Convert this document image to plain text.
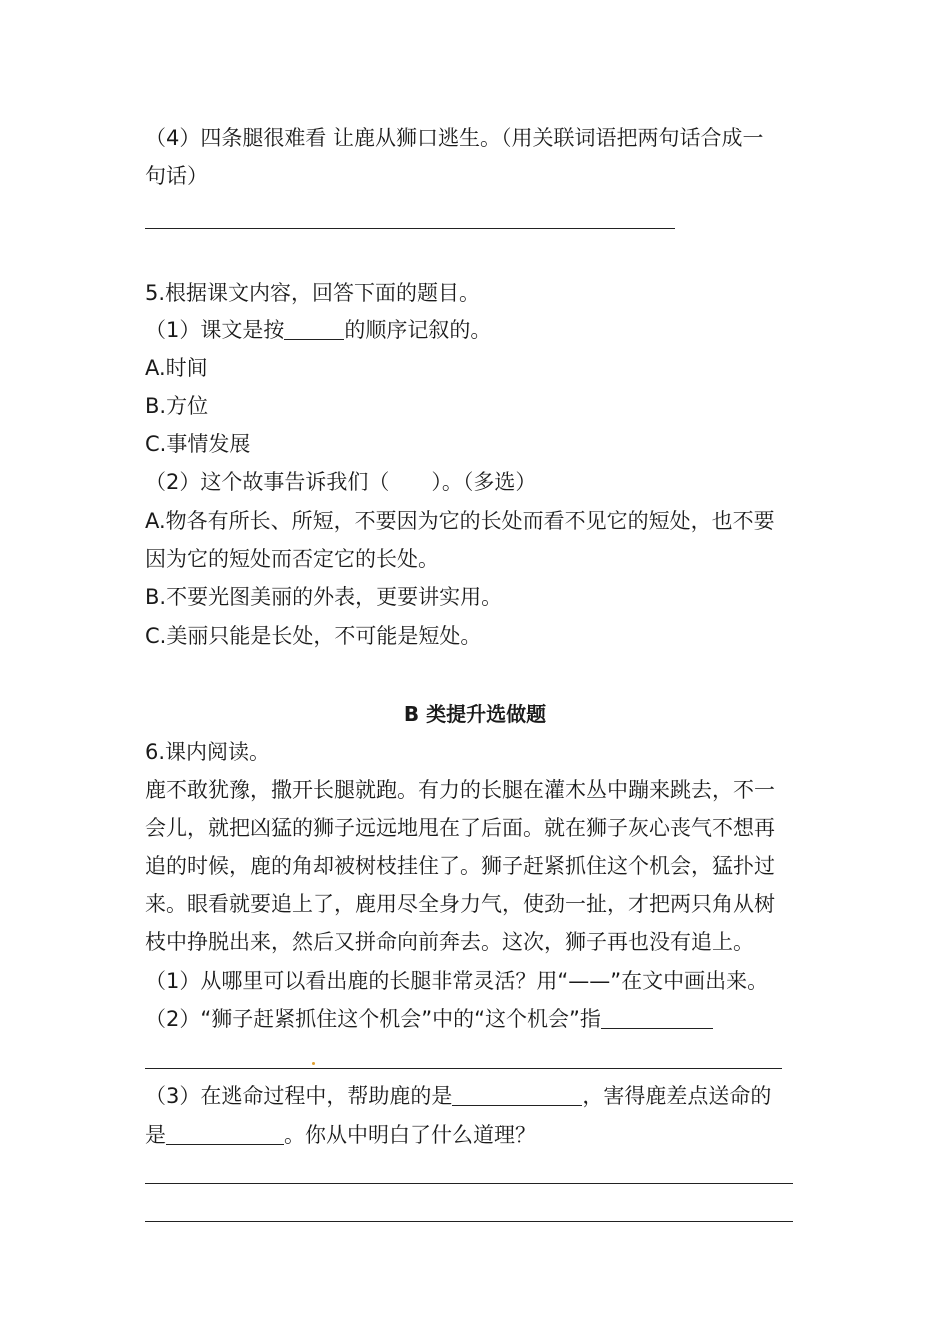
（4）四条腿很难看 让鹿从狮口逃生。（用关联词语把两句话合成一
句话）
5.根据课文内容，回答下面的题目。
（1）课文是按	的顺序记叙的。
A.时间
B.方位
C.事情发展
（2）这个故事告诉我们（　　）。（多选）
A.物各有所长、所短，不要因为它的长处而看不见它的短处，也不要
因为它的短处而否定它的长处。
B.不要光图美丽的外表，更要讲实用。
C.美丽只能是长处，不可能是短处。
B 类提升选做题
6.课内阅读。
鹿不敢犹豫，撒开长腿就跑。有力的长腿在灌木丛中蹦来跳去，不一
会儿，就把凶猛的狮子远远地甩在了后面。就在狮子灰心丧气不想再
追的时候，鹿的角却被树枝挂住了。狮子赶紧抓住这个机会，猛扑过
来。眼看就要追上了，鹿用尽全身力气，使劲一扯，才把两只角从树
枝中挣脱出来，然后又拼命向前奔去。这次，狮子再也没有追上。
（1）从哪里可以看出鹿的长腿非常灵活？用“——”在文中画出来。
（2）“狮子赶紧抓住这个机会”中的“这个机会”指
（3）在逃命过程中，帮助鹿的是	，害得鹿差点送命的
是	。你从中明白了什么道理？
